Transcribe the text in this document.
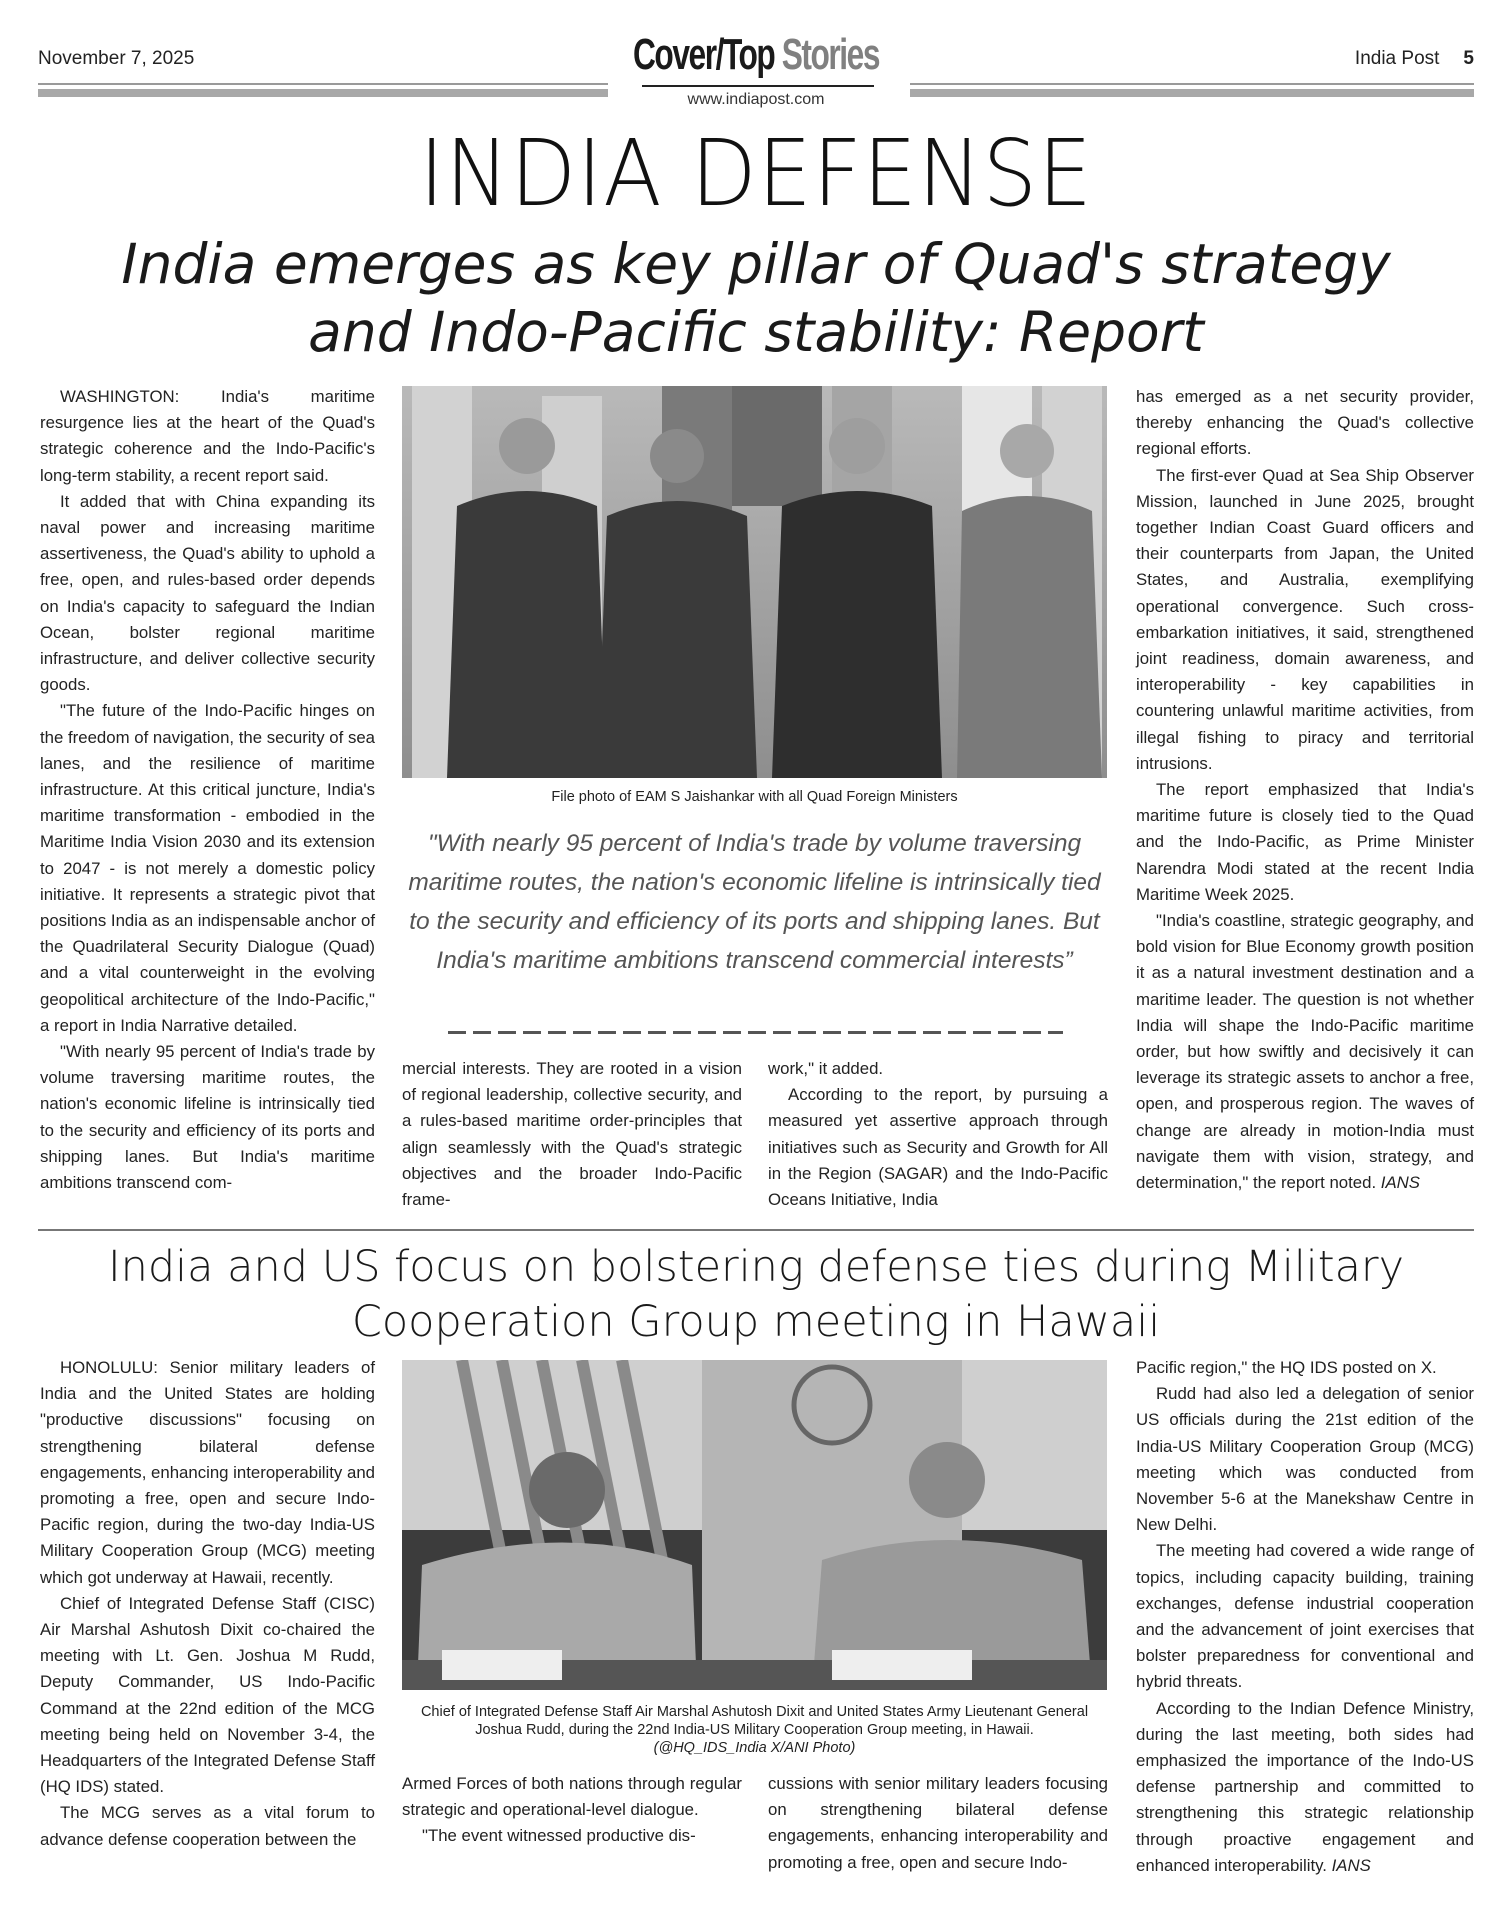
November 7, 2025	Cover/Top Stories	India Post 5
www.indiapost.com
INDIA DEFENSE
India emerges as key pillar of Quad's strategy
and Indo-Pacific stability: Report

WASHINGTON: India's maritime resurgence lies at the heart of the Quad's strategic coherence and the Indo-Pacific's long-term stability, a recent report said.

It added that with China expanding its naval power and increasing maritime assertiveness, the Quad's ability to uphold a free, open, and rules-based order depends on India's capacity to safeguard the Indian Ocean, bolster regional maritime infrastructure, and deliver collective security goods.

"The future of the Indo-Pacific hinges on the freedom of navigation, the security of sea lanes, and the resilience of maritime infrastructure. At this critical juncture, India's maritime transformation - embodied in the Maritime India Vision 2030 and its extension to 2047 - is not merely a domestic policy initiative. It represents a strategic pivot that positions India as an indispensable anchor of the Quadrilateral Security Dialogue (Quad) and a vital counterweight in the evolving geopolitical architecture of the Indo-Pacific," a report in India Narrative detailed.

"With nearly 95 percent of India's trade by volume traversing maritime routes, the nation's economic lifeline is intrinsically tied to the security and efficiency of its ports and shipping lanes. But India's maritime ambitions transcend com-

File photo of EAM S Jaishankar with all Quad Foreign Ministers
"With nearly 95 percent of India's trade by volume traversing maritime routes, the nation's economic lifeline is intrinsically tied to the security and efficiency of its ports and shipping lanes. But India's maritime ambitions transcend commercial interests”

mercial interests. They are rooted in a vision of regional leadership, collective security, and a rules-based maritime order-principles that align seamlessly with the Quad's strategic objectives and the broader Indo-Pacific frame-

work," it added.

According to the report, by pursuing a measured yet assertive approach through initiatives such as Security and Growth for All in the Region (SAGAR) and the Indo-Pacific Oceans Initiative, India

has emerged as a net security provider, thereby enhancing the Quad's collective regional efforts.

The first-ever Quad at Sea Ship Observer Mission, launched in June 2025, brought together Indian Coast Guard officers and their counterparts from Japan, the United States, and Australia, exemplifying operational convergence. Such cross-embarkation initiatives, it said, strengthened joint readiness, domain awareness, and interoperability - key capabilities in countering unlawful maritime activities, from illegal fishing to piracy and territorial intrusions.

The report emphasized that India's maritime future is closely tied to the Quad and the Indo-Pacific, as Prime Minister Narendra Modi stated at the recent India Maritime Week 2025.

"India's coastline, strategic geography, and bold vision for Blue Economy growth position it as a natural investment destination and a maritime leader. The question is not whether India will shape the Indo-Pacific maritime order, but how swiftly and decisively it can leverage its strategic assets to anchor a free, open, and prosperous region. The waves of change are already in motion-India must navigate them with vision, strategy, and determination," the report noted. IANS

India and US focus on bolstering defense ties during Military
Cooperation Group meeting in Hawaii

HONOLULU: Senior military leaders of India and the United States are holding "productive discussions" focusing on strengthening bilateral defense engagements, enhancing interoperability and promoting a free, open and secure Indo-Pacific region, during the two-day India-US Military Cooperation Group (MCG) meeting which got underway at Hawaii, recently.

Chief of Integrated Defense Staff (CISC) Air Marshal Ashutosh Dixit co-chaired the meeting with Lt. Gen. Joshua M Rudd, Deputy Commander, US Indo-Pacific Command at the 22nd edition of the MCG meeting being held on November 3-4, the Headquarters of the Integrated Defense Staff (HQ IDS) stated.

The MCG serves as a vital forum to advance defense cooperation between the

Chief of Integrated Defense Staff Air Marshal Ashutosh Dixit and United States Army Lieutenant General Joshua Rudd, during the 22nd India-US Military Cooperation Group meeting, in Hawaii.
(@HQ_IDS_India X/ANI Photo)

Armed Forces of both nations through regular strategic and operational-level dialogue.

"The event witnessed productive dis-

cussions with senior military leaders focusing on strengthening bilateral defense engagements, enhancing interoperability and promoting a free, open and secure Indo-

Pacific region," the HQ IDS posted on X.

Rudd had also led a delegation of senior US officials during the 21st edition of the India-US Military Cooperation Group (MCG) meeting which was conducted from November 5-6 at the Manekshaw Centre in New Delhi.

The meeting had covered a wide range of topics, including capacity building, training exchanges, defense industrial cooperation and the advancement of joint exercises that bolster preparedness for conventional and hybrid threats.

According to the Indian Defence Ministry, during the last meeting, both sides had emphasized the importance of the Indo-US defense partnership and committed to strengthening this strategic relationship through proactive engagement and enhanced interoperability. IANS
